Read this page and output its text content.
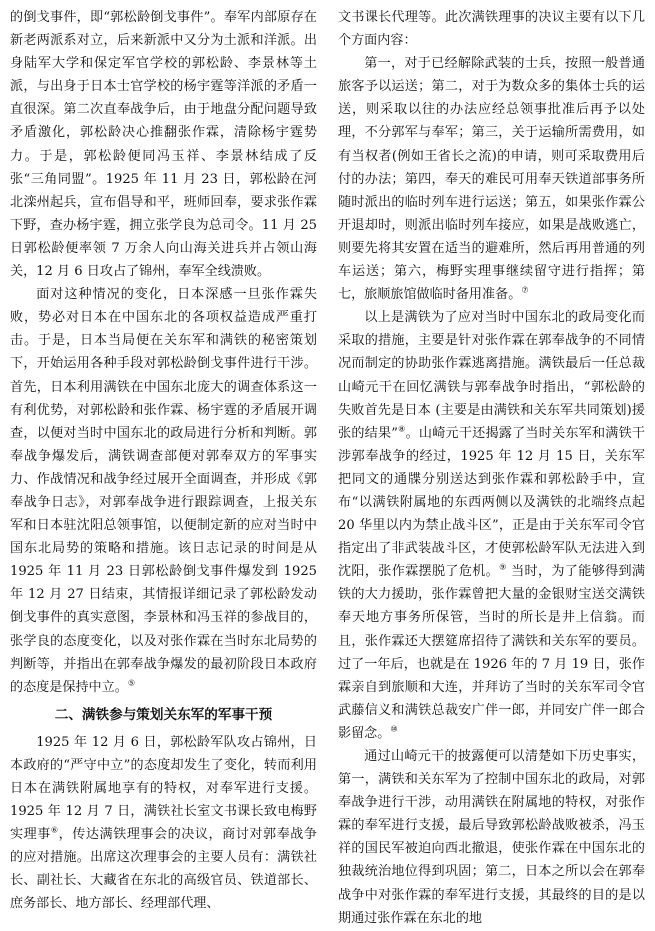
的倒戈事件，即“郭松龄倒戈事件”。奉军内部原存在新老两派系对立，后来新派中又分为土派和洋派。出身陆军大学和保定军官学校的郭松龄、李景林等土派，与出身于日本士官学校的杨宇霆等洋派的矛盾一直很深。第二次直奉战争后，由于地盘分配问题导致矛盾激化，郭松龄决心推翻张作霖，清除杨宇霆势力。于是，郭松龄便同冯玉祥、李景林结成了反张“三角同盟”。1925 年 11 月 23 日，郭松龄在河北滦州起兵，宣布倡导和平，班师回奉，要求张作霖下野，查办杨宇霆，拥立张学良为总司令。11 月 25 日郭松龄便率领 7 万余人向山海关进兵并占领山海关，12 月 6 日攻占了锦州，奉军全线溃败。

面对这种情况的变化，日本深感一旦张作霖失败，势必对日本在中国东北的各项权益造成严重打击。于是，日本当局便在关东军和满铁的秘密策划下，开始运用各种手段对郭松龄倒戈事件进行干涉。首先，日本利用满铁在中国东北庞大的调查体系这一有利优势，对郭松龄和张作霖、杨宇霆的矛盾展开调查，以便对当时中国东北的政局进行分析和判断。郭奉战争爆发后，满铁调查部便对郭奉双方的军事实力、作战情况和战争经过展开全面调查，并形成《郭奉战争日志》，对郭奉战争进行跟踪调查，上报关东军和日本驻沈阳总领事馆，以便制定新的应对当时中国东北局势的策略和措施。该日志记录的时间是从 1925 年 11 月 23 日郭松龄倒戈事件爆发到 1925 年 12 月 27 日结束，其情报详细记录了郭松龄发动倒戈事件的真实意图，李景林和冯玉祥的参战目的，张学良的态度变化，以及对张作霖在当时东北局势的判断等，并指出在郭奉战争爆发的最初阶段日本政府的态度是保持中立。⑤

二、满铁参与策划关东军的军事干预

1925 年 12 月 6 日，郭松龄军队攻占锦州，日本政府的“严守中立”的态度却发生了变化，转而利用日本在满铁附属地享有的特权，对奉军进行支援。1925 年 12 月 7 日，满铁社长室文书课长致电梅野实理事⑥，传达满铁理事会的决议，商讨对郭奉战争的应对措施。出席这次理事会的主要人员有：满铁社长、副社长、大藏省在东北的高级官员、铁道部长、庶务部长、地方部长、经理部代理、

文书课长代理等。此次满铁理事的决议主要有以下几个方面内容：

第一，对于已经解除武装的士兵，按照一般普通旅客予以运送；第二，对于为数众多的集体士兵的运送，则采取以往的办法应经总领事批准后再予以处理，不分郭军与奉军；第三，关于运输所需费用，如有当权者(例如王省长之流)的申请，则可采取费用后付的办法；第四，奉天的难民可用奉天铁道部事务所随时派出的临时列车进行运送；第五，如果张作霖公开退却时，则派出临时列车接应，如果是战败逃亡，则要先将其安置在适当的避难所，然后再用普通的列车运送；第六，梅野实理事继续留守进行指挥；第七，旅顺旅馆做临时备用准备。⑦

以上是满铁为了应对当时中国东北的政局变化而采取的措施，主要是针对张作霖在郭奉战争的不同情况而制定的协助张作霖逃离措施。满铁最后一任总裁山崎元干在回忆满铁与郭奉战争时指出，“郭松龄的失败首先是日本 (主要是由满铁和关东军共同策划)援张的结果”⑧。山崎元干还揭露了当时关东军和满铁干涉郭奉战争的经过，1925 年 12 月 15 日，关东军把同文的通牒分别送达到张作霖和郭松龄手中，宣布“以满铁附属地的东西两侧以及满铁的北端终点起 20 华里以内为禁止战斗区”，正是由于关东军司令官指定出了非武装战斗区，才使郭松龄军队无法进入到沈阳，张作霖摆脱了危机。⑨ 当时，为了能够得到满铁的大力援助，张作霖曾把大量的金银财宝送交满铁奉天地方事务所保管，当时的所长是井上信翁。而且，张作霖还大摆筵席招待了满铁和关东军的要员。过了一年后，也就是在 1926 年的 7 月 19 日，张作霖亲自到旅顺和大连，并拜访了当时的关东军司令官武藤信义和满铁总裁安广伴一郎，并同安广伴一郎合影留念。⑩

通过山崎元干的披露便可以清楚如下历史事实，第一，满铁和关东军为了控制中国东北的政局，对郭奉战争进行干涉，动用满铁在附属地的特权，对张作霖的奉军进行支援，最后导致郭松龄战败被杀，冯玉祥的国民军被迫向西北撤退，使张作霖在中国东北的独裁统治地位得到巩固；第二，日本之所以会在郭奉战争中对张作霖的奉军进行支援，其最终的目的是以期通过张作霖在东北的地
